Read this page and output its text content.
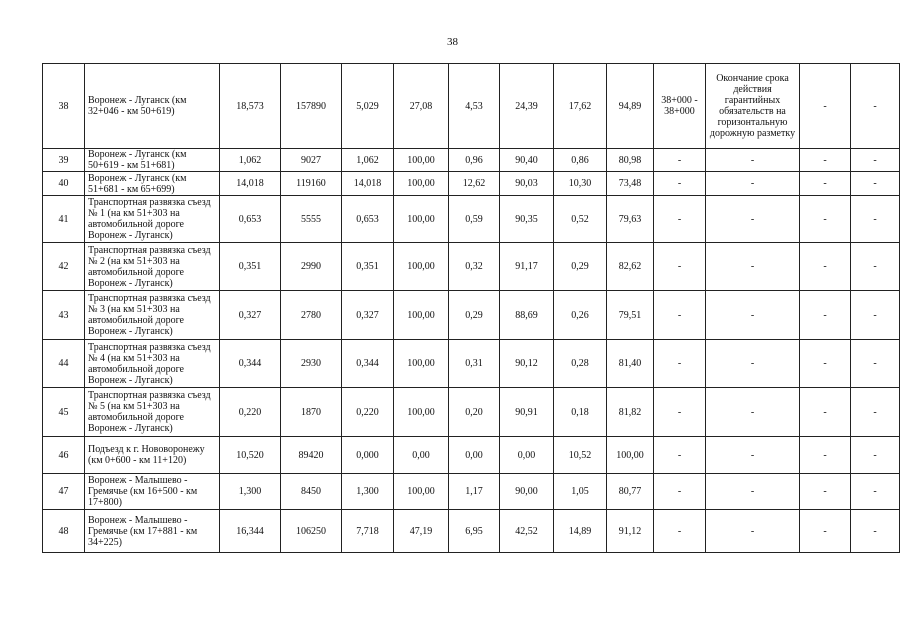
38
38	Воронеж - Луганск (км 32+046 - км 50+619)	18,573	157890	5,029	27,08	4,53	24,39	17,62	94,89	38+000 - 38+000	Окончание срока действия гарантийных обязательств на горизонтальную дорожную разметку	-	-
39	Воронеж - Луганск (км 50+619 - км 51+681)	1,062	9027	1,062	100,00	0,96	90,40	0,86	80,98	-	-	-	-
40	Воронеж - Луганск (км 51+681 - км 65+699)	14,018	119160	14,018	100,00	12,62	90,03	10,30	73,48	-	-	-	-
41	Транспортная развязка съезд № 1 (на км 51+303 на автомобильной дороге Воронеж - Луганск)	0,653	5555	0,653	100,00	0,59	90,35	0,52	79,63	-	-	-	-
42	Транспортная развязка съезд № 2 (на км 51+303 на автомобильной дороге Воронеж - Луганск)	0,351	2990	0,351	100,00	0,32	91,17	0,29	82,62	-	-	-	-
43	Транспортная развязка съезд № 3 (на км 51+303 на автомобильной дороге Воронеж - Луганск)	0,327	2780	0,327	100,00	0,29	88,69	0,26	79,51	-	-	-	-
44	Транспортная развязка съезд № 4 (на км 51+303 на автомобильной дороге Воронеж - Луганск)	0,344	2930	0,344	100,00	0,31	90,12	0,28	81,40	-	-	-	-
45	Транспортная развязка съезд № 5 (на км 51+303 на автомобильной дороге Воронеж - Луганск)	0,220	1870	0,220	100,00	0,20	90,91	0,18	81,82	-	-	-	-
46	Подъезд к г. Нововоронежу (км 0+600 - км 11+120)	10,520	89420	0,000	0,00	0,00	0,00	10,52	100,00	-	-	-	-
47	Воронеж - Малышево - Гремячье (км 16+500 - км 17+800)	1,300	8450	1,300	100,00	1,17	90,00	1,05	80,77	-	-	-	-
48	Воронеж - Малышево - Гремячье (км 17+881 - км 34+225)	16,344	106250	7,718	47,19	6,95	42,52	14,89	91,12	-	-	-	-
